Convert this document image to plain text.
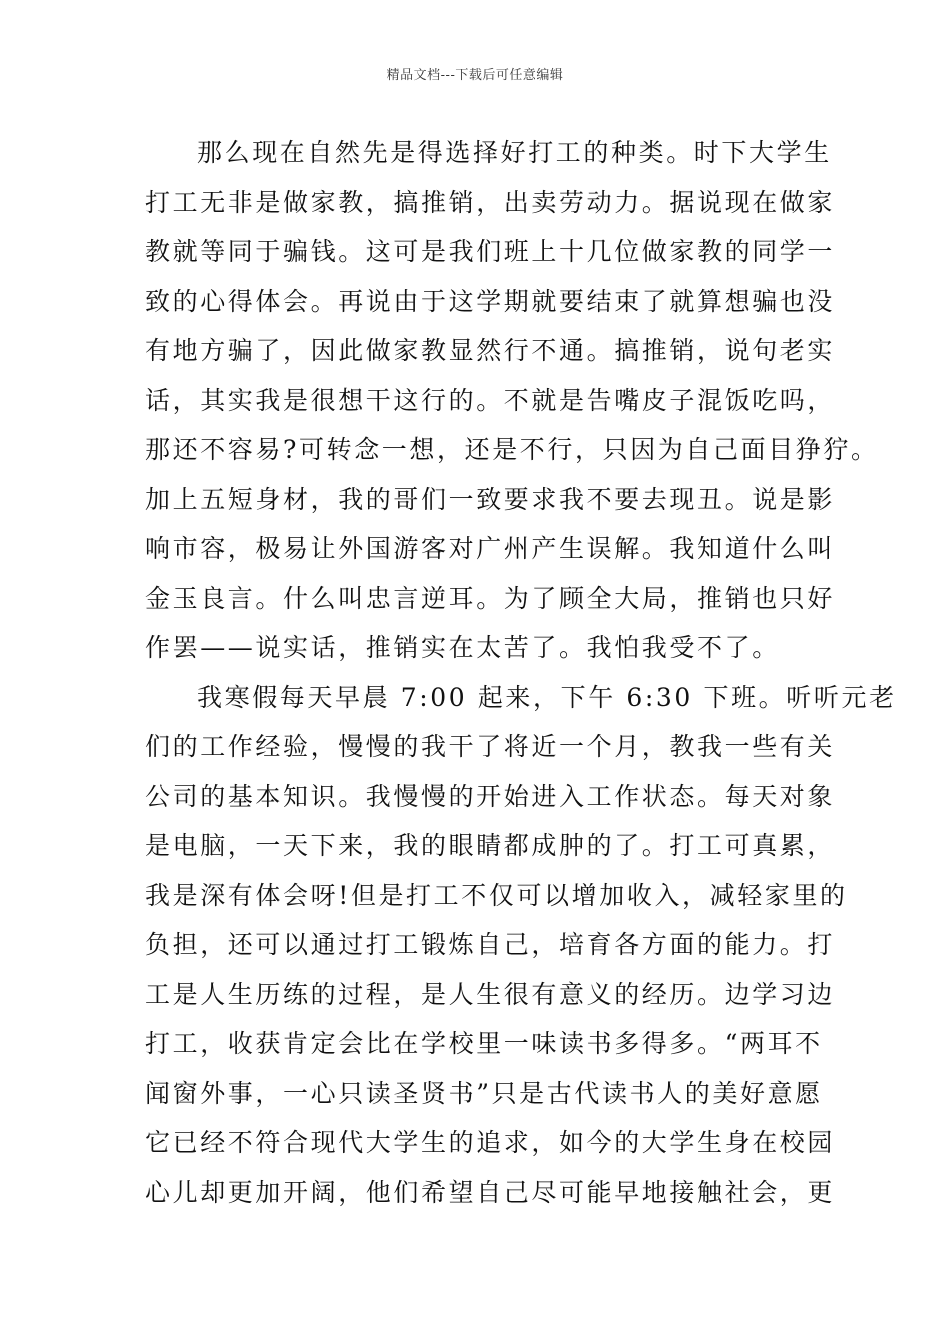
精品文档---下载后可任意编辑
那么现在自然先是得选择好打工的种类。时下大学生
打工无非是做家教，搞推销，出卖劳动力。据说现在做家
教就等同于骗钱。这可是我们班上十几位做家教的同学一
致的心得体会。再说由于这学期就要结束了就算想骗也没
有地方骗了，因此做家教显然行不通。搞推销，说句老实
话，其实我是很想干这行的。不就是告嘴皮子混饭吃吗，
那还不容易?可转念一想，还是不行，只因为自己面目狰狞。
加上五短身材，我的哥们一致要求我不要去现丑。说是影
响市容，极易让外国游客对广州产生误解。我知道什么叫
金玉良言。什么叫忠言逆耳。为了顾全大局，推销也只好
作罢——说实话，推销实在太苦了。我怕我受不了。
我寒假每天早晨 7:00 起来，下午 6:30 下班。听听元老
们的工作经验，慢慢的我干了将近一个月，教我一些有关
公司的基本知识。我慢慢的开始进入工作状态。每天对象
是电脑，一天下来，我的眼睛都成肿的了。打工可真累，
我是深有体会呀!但是打工不仅可以增加收入，减轻家里的
负担，还可以通过打工锻炼自己，培育各方面的能力。打
工是人生历练的过程，是人生很有意义的经历。边学习边
打工，收获肯定会比在学校里一味读书多得多。“两耳不
闻窗外事，一心只读圣贤书”只是古代读书人的美好意愿
它已经不符合现代大学生的追求，如今的大学生身在校园
心儿却更加开阔，他们希望自己尽可能早地接触社会，更
